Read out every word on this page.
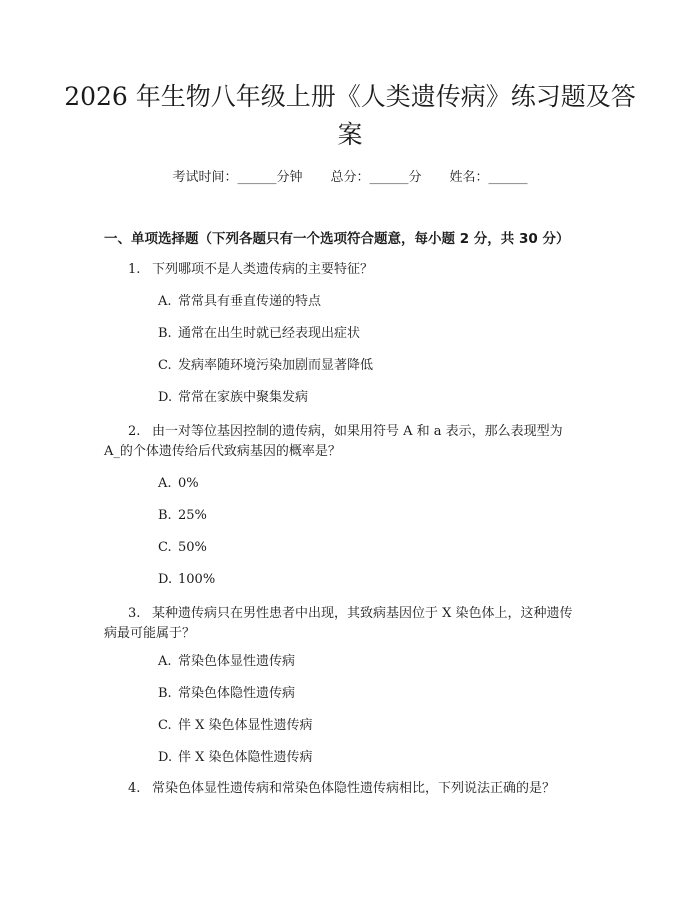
2026 年生物八年级上册《人类遗传病》练习题及答案
考试时间：______分钟 总分：______分 姓名：______
一、单项选择题（下列各题只有一个选项符合题意，每小题 2 分，共 30 分）
1. 下列哪项不是人类遗传病的主要特征？
A. 常常具有垂直传递的特点
B. 通常在出生时就已经表现出症状
C. 发病率随环境污染加剧而显著降低
D. 常常在家族中聚集发病
2. 由一对等位基因控制的遗传病，如果用符号 A 和 a 表示，那么表现型为
A_的个体遗传给后代致病基因的概率是？
A. 0%
B. 25%
C. 50%
D. 100%
3. 某种遗传病只在男性患者中出现，其致病基因位于 X 染色体上，这种遗传
病最可能属于？
A. 常染色体显性遗传病
B. 常染色体隐性遗传病
C. 伴 X 染色体显性遗传病
D. 伴 X 染色体隐性遗传病
4. 常染色体显性遗传病和常染色体隐性遗传病相比，下列说法正确的是？
